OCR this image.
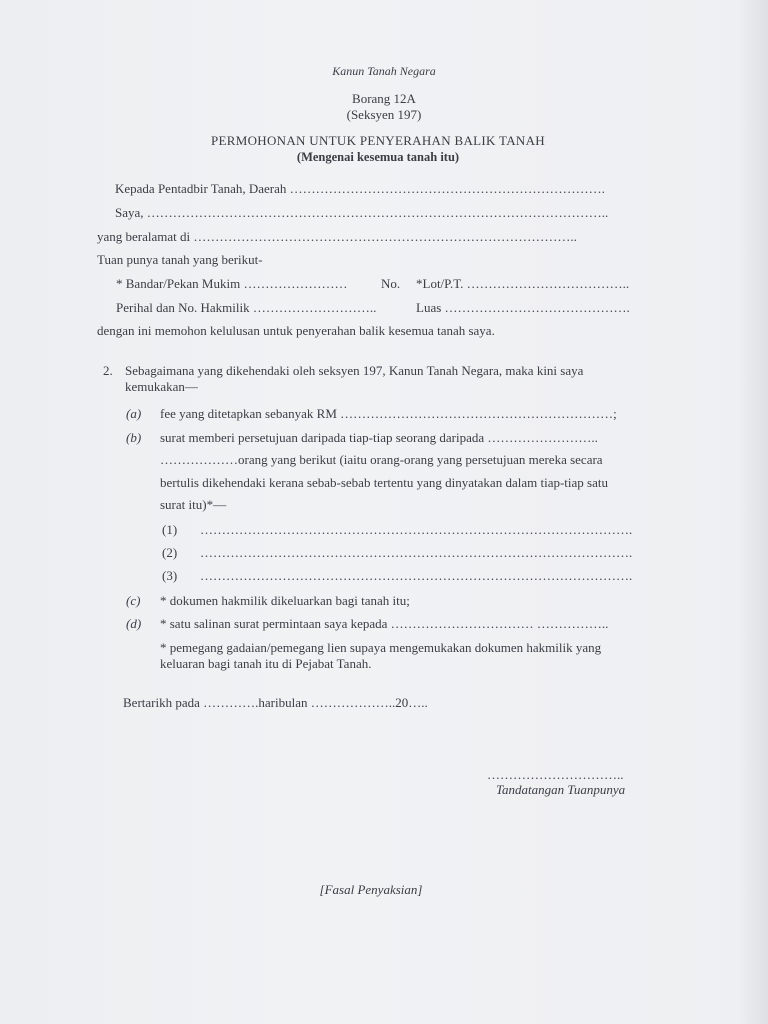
Kanun Tanah Negara
Borang 12A
(Seksyen 197)
PERMOHONAN UNTUK PENYERAHAN BALIK TANAH
(Mengenai kesemua tanah itu)
Kepada Pentadbir Tanah, Daerah ……………………………………………………………….
Saya, ……………………………………………………………………………………………..
yang beralamat di ……………………………………………………………………………..
Tuan punya tanah yang berikut-
* Bandar/Pekan Mukim ……………………	No. *Lot/P.T. ………………………………..
Perihal dan No. Hakmilik ………………………..	Luas …………………………………….
dengan ini memohon kelulusan untuk penyerahan balik kesemua tanah saya.
2. Sebagaimana yang dikehendaki oleh seksyen 197, Kanun Tanah Negara, maka kini saya
kemukakan—
(a) fee yang ditetapkan sebanyak RM ………………………………………………………;
(b) surat memberi persetujuan daripada tiap-tiap seorang daripada ……………………..
………………orang yang berikut (iaitu orang-orang yang persetujuan mereka secara
bertulis dikehendaki kerana sebab-sebab tertentu yang dinyatakan dalam tiap-tiap satu
surat itu)*—
(1) ……………………………………………………………………………………….
(2) ……………………………………………………………………………………….
(3) ……………………………………………………………………………………….
(c) * dokumen hakmilik dikeluarkan bagi tanah itu;
(d) * satu salinan surat permintaan saya kepada …………………………… ……………..
* pemegang gadaian/pemegang lien supaya mengemukakan dokumen hakmilik yang
keluaran bagi tanah itu di Pejabat Tanah.
Bertarikh pada ………….haribulan ………………..20…..
…………………………..
Tandatangan Tuanpunya
[Fasal Penyaksian]
